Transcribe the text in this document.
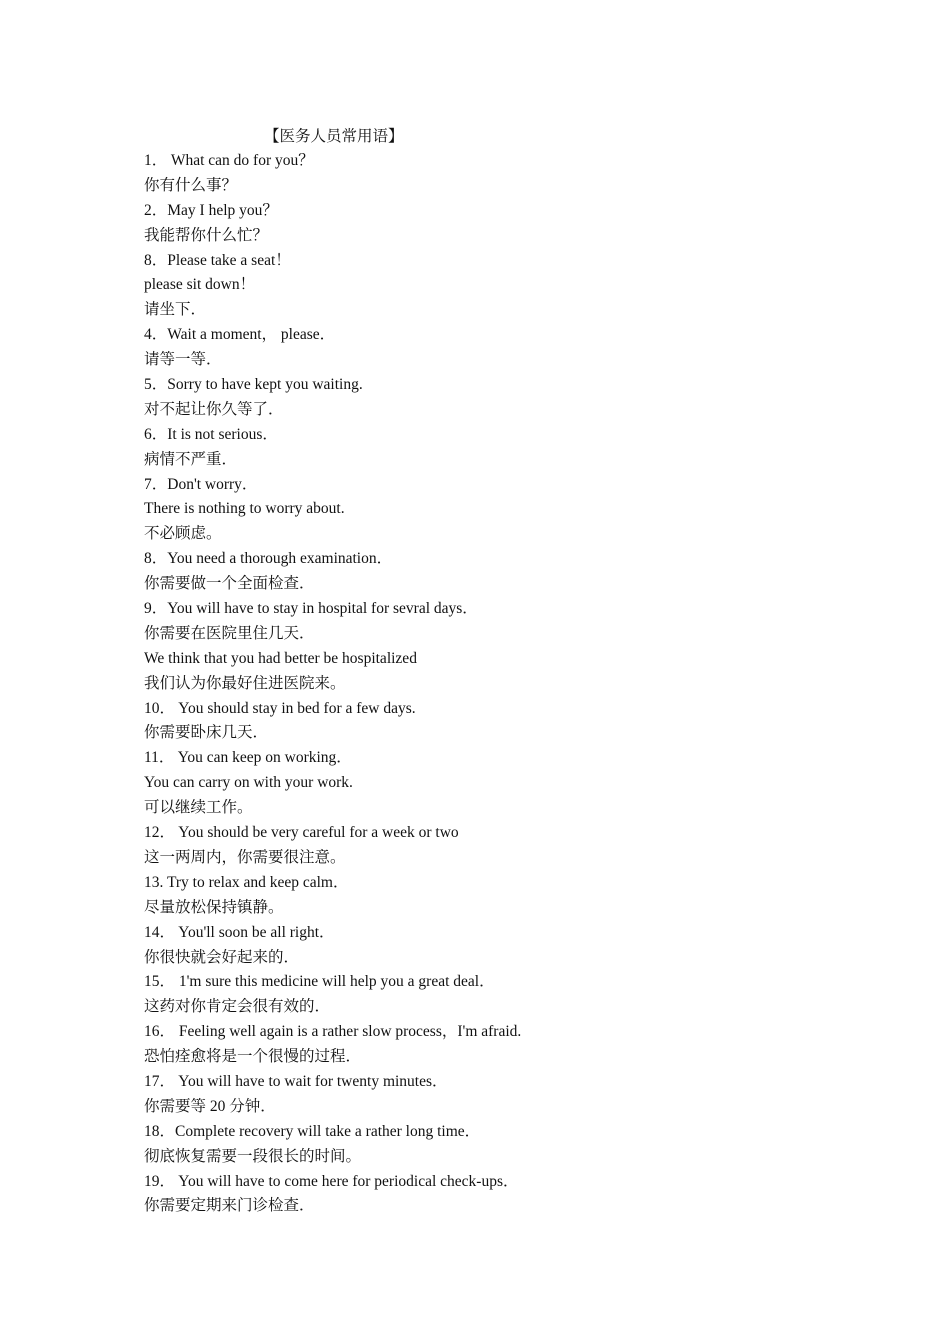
【医务人员常用语】
1． What can do for you？
你有什么事？
2．May I help you？
我能帮你什么忙？
8．Please take a seat！
please sit down！
请坐下．
4．Wait a moment， please．
请等一等．
5．Sorry to have kept you waiting.
对不起让你久等了．
6．It is not serious．
病情不严重．
7．Don't worry．
There is nothing to worry about.
不必顾虑。
8．You need a thorough examination．
你需要做一个全面检查．
9．You will have to stay in hospital for sevral days．
你需要在医院里住几天．
We think that you had better be hospitalized
我们认为你最好住进医院来。
10． You should stay in bed for a few days.
你需要卧床几天．
11． You can keep on working．
You can carry on with your work.
可以继续工作。
12． You should be very careful for a week or two
这一两周内，你需要很注意。
13. Try to relax and keep calm．
尽量放松保持镇静。
14． You'll soon be all right．
你很快就会好起来的．
15． 1'm sure this medicine will help you a great deal．
这药对你肯定会很有效的．
16． Feeling well again is a rather slow process，I'm afraid.
恐怕痊愈将是一个很慢的过程．
17． You will have to wait for twenty minutes．
你需要等 20 分钟．
18．Complete recovery will take a rather long time．
彻底恢复需要一段很长的时间。
19． You will have to come here for periodical check-ups．
你需要定期来门诊检查．
